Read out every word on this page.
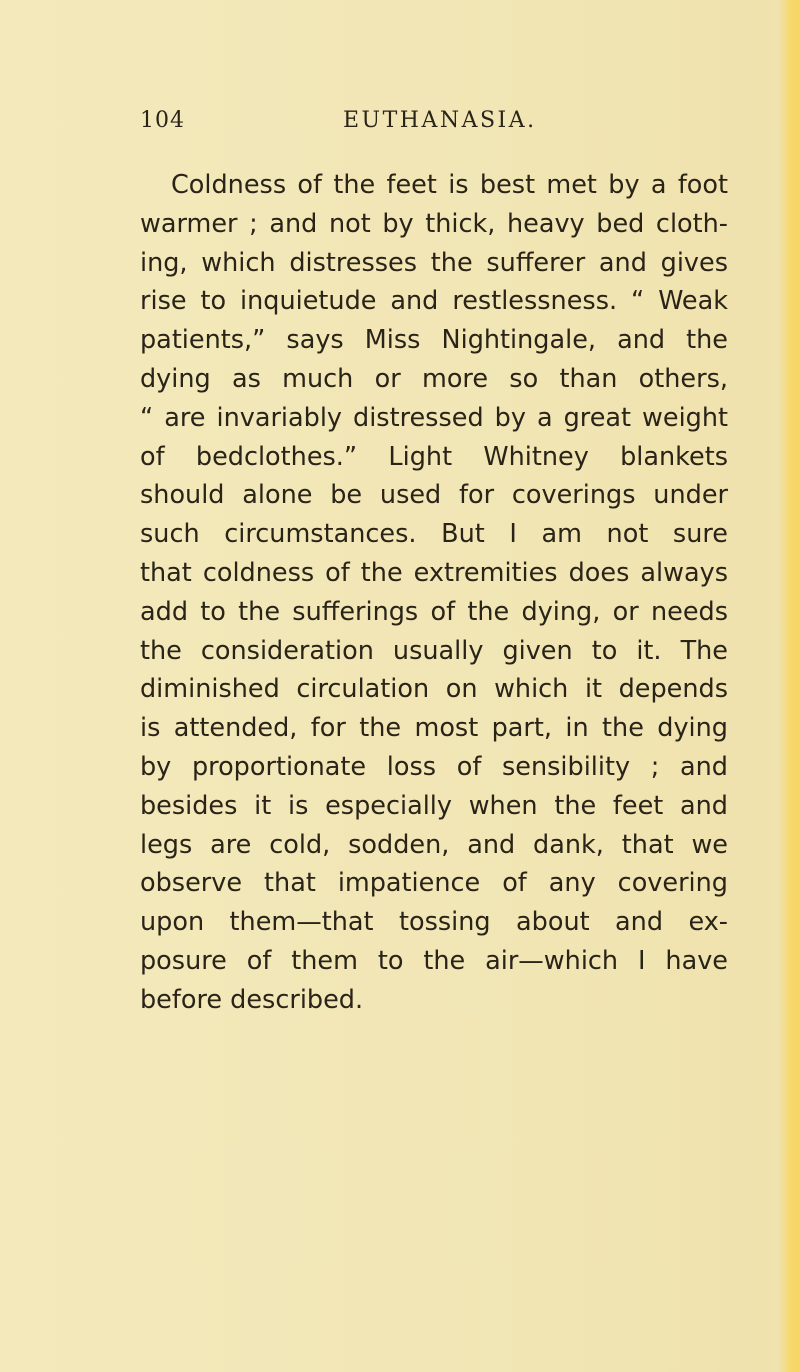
104	EUTHANASIA.
Coldness of the feet is best met by a foot
warmer ; and not by thick, heavy bed cloth-
ing, which distresses the sufferer and gives
rise to inquietude and restlessness. “ Weak
patients,” says Miss Nightingale, and the
dying as much or more so than others,
“ are invariably distressed by a great weight
of bedclothes.” Light Whitney blankets
should alone be used for coverings under
such circumstances. But I am not sure
that coldness of the extremities does always
add to the sufferings of the dying, or needs
the consideration usually given to it. The
diminished circulation on which it depends
is attended, for the most part, in the dying
by proportionate loss of sensibility ; and
besides it is especially when the feet and
legs are cold, sodden, and dank, that we
observe that impatience of any covering
upon them—that tossing about and ex-
posure of them to the air—which I have
before described.
